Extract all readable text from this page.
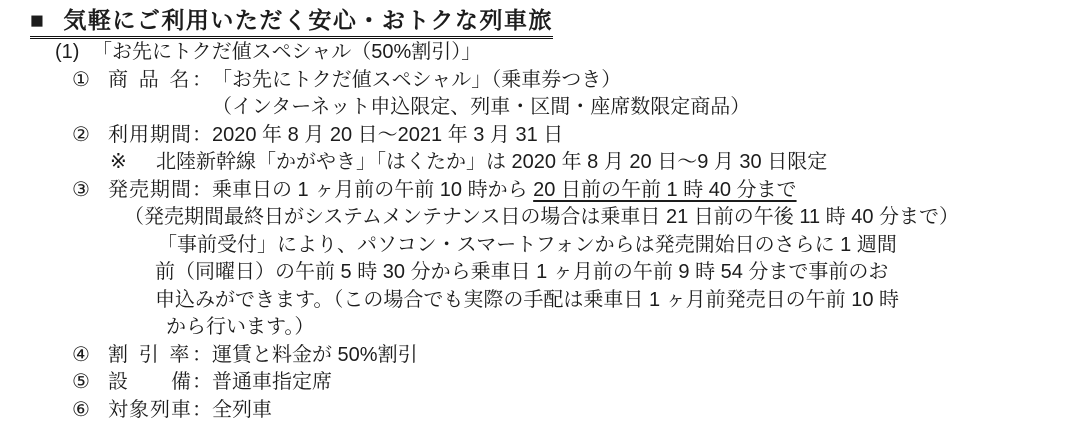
■ 気軽にご利用いただく安心・おトクな列車旅
(1) 「お先にトクだ値スペシャル（50%割引）」
① 商 品 名： 「お先にトクだ値スペシャル」（乗車券つき）
（インターネット申込限定、列車・区間・座席数限定商品）
② 利用期間： 2020 年 8 月 20 日～2021 年 3 月 31 日
※	北陸新幹線「かがやき」「はくたか」は 2020 年 8 月 20 日～9 月 30 日限定
③ 発売期間： 乗車日の 1 ヶ月前の午前 10 時から 20 日前の午前 1 時 40 分まで
（発売期間最終日がシステムメンテナンス日の場合は乗車日 21 日前の午後 11 時 40 分まで）
「事前受付」により、パソコン・スマートフォンからは発売開始日のさらに 1 週間
前（同曜日）の午前 5 時 30 分から乗車日 1 ヶ月前の午前 9 時 54 分まで事前のお
申込みができます。（この場合でも実際の手配は乗車日 1 ヶ月前発売日の午前 10 時
から行います。）
④ 割 引 率： 運賃と料金が 50%割引
⑤ 設　　備： 普通車指定席
⑥ 対象列車： 全列車
